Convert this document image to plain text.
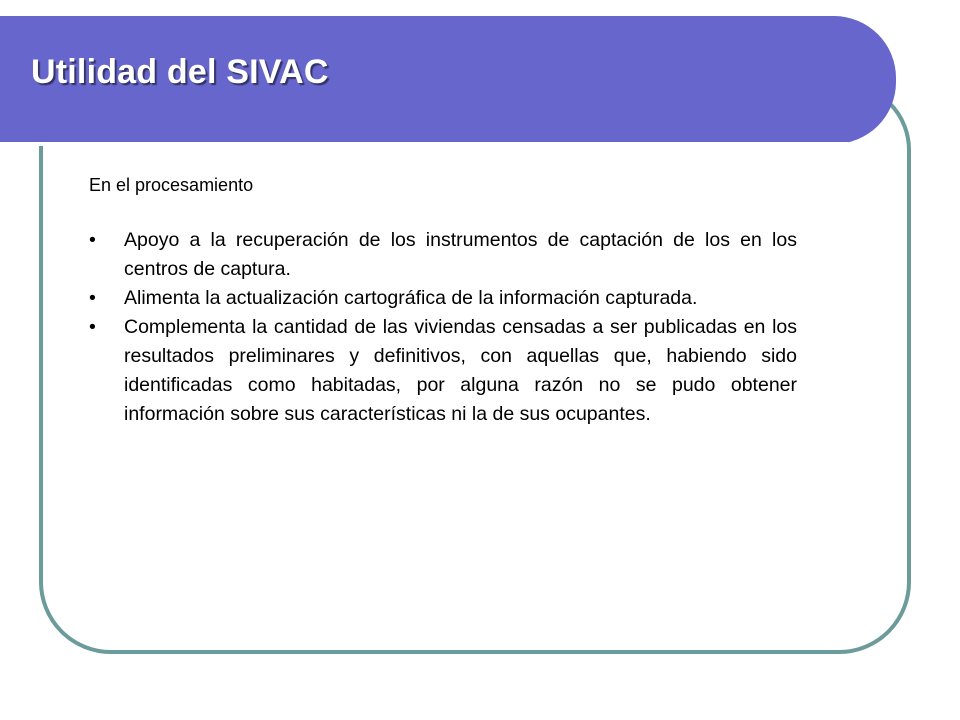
Utilidad del SIVAC

En el procesamiento

• Apoyo a la recuperación de los instrumentos de captación de los en los centros de captura.
• Alimenta la actualización cartográfica de la información capturada.
• Complementa la cantidad de las viviendas censadas a ser publicadas en los resultados preliminares y definitivos, con aquellas que, habiendo sido identificadas como habitadas, por alguna razón no se pudo obtener información sobre sus características ni la de sus ocupantes.
